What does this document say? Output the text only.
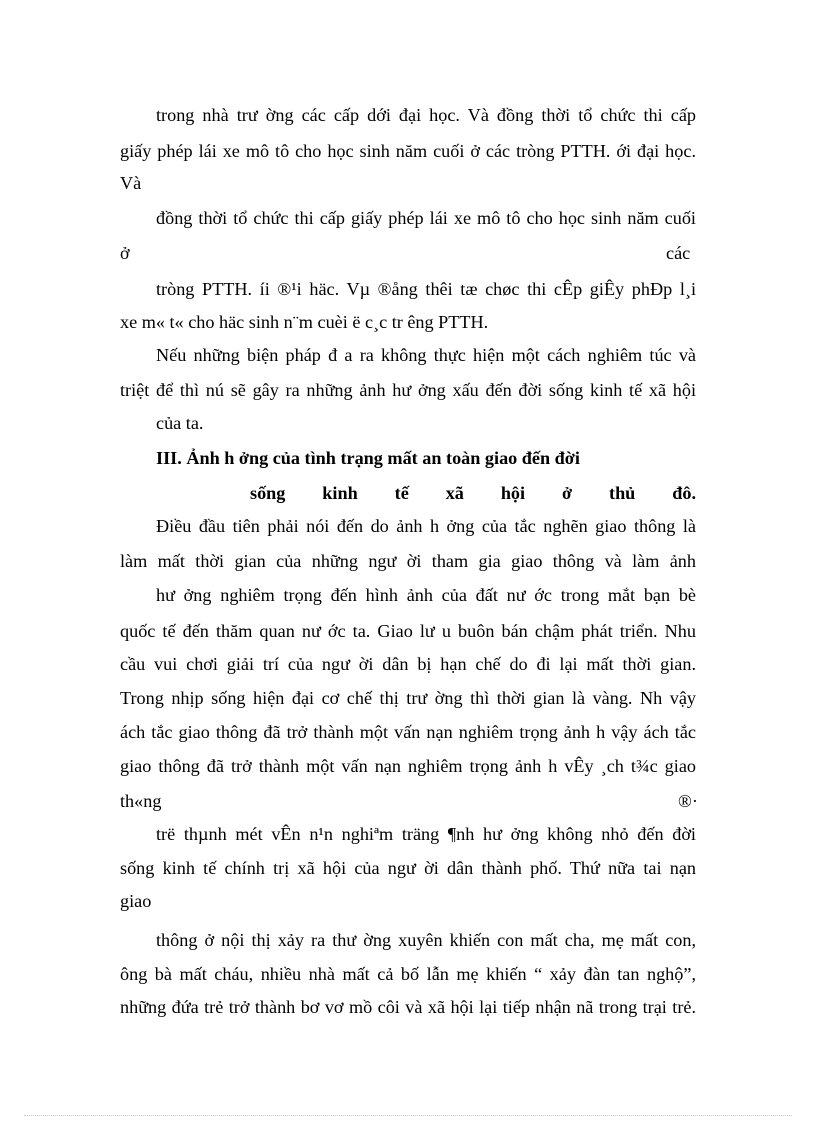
trong nhà trư ờng các cấp dới đại học. Và đồng thời tổ chức thi cấp
giấy phép lái xe mô tô cho học sinh năm cuối ở các tròng PTTH. ới đại học.
Và
đồng thời tổ chức thi cấp giấy phép lái xe mô tô cho học sinh năm cuối
ở	các
tròng PTTH. íi ®¹i häc. Vµ ®ång thêi tæ chøc thi cÊp giÊy phÐp l¸i
xe m« t« cho häc sinh n¨m cuèi ë c¸c tr êng PTTH.
Nếu những biện pháp đ a ra không thực hiện một cách nghiêm túc và
triệt để thì nú sẽ gây ra những ảnh hư ởng xấu đến đời sống kinh tế xã hội
của ta.
III. Ảnh h ởng của tình trạng mất an toàn giao đến đời
sống kinh tế xã hội ở thủ đô.
Điều đầu tiên phải nói đến do ảnh h ởng của tắc nghẽn giao thông là
làm mất thời gian của những ngư ời tham gia giao thông và làm ảnh
hư ởng nghiêm trọng đến hình ảnh của đất nư ớc trong mắt bạn bè
quốc tế đến thăm quan nư ớc ta. Giao lư u buôn bán chậm phát triển. Nhu
cầu vui chơi giải trí của ngư ời dân bị hạn chế do đi lại mất thời gian.
Trong nhịp sống hiện đại cơ chế thị trư ờng thì thời gian là vàng. Nh vậy
ách tắc giao thông đã trở thành một vấn nạn nghiêm trọng ảnh h vậy ách tắc
giao thông đã trở thành một vấn nạn nghiêm trọng ảnh h vÊy ¸ch t¾c giao
th«ng	®·
trë thµnh mét vÊn n¹n nghiªm träng ¶nh hư ởng không nhỏ đến đời
sống kinh tế chính trị xã hội của ngư ời dân thành phố. Thứ nữa tai nạn
giao
thông ở nội thị xảy ra thư ờng xuyên khiến con mất cha, mẹ mất con,
ông bà mất cháu, nhiều nhà mất cả bố lẫn mẹ khiến “ xảy đàn tan nghộ”,
những đứa trẻ trở thành bơ vơ mồ côi và xã hội lại tiếp nhận nã trong trại trẻ.
